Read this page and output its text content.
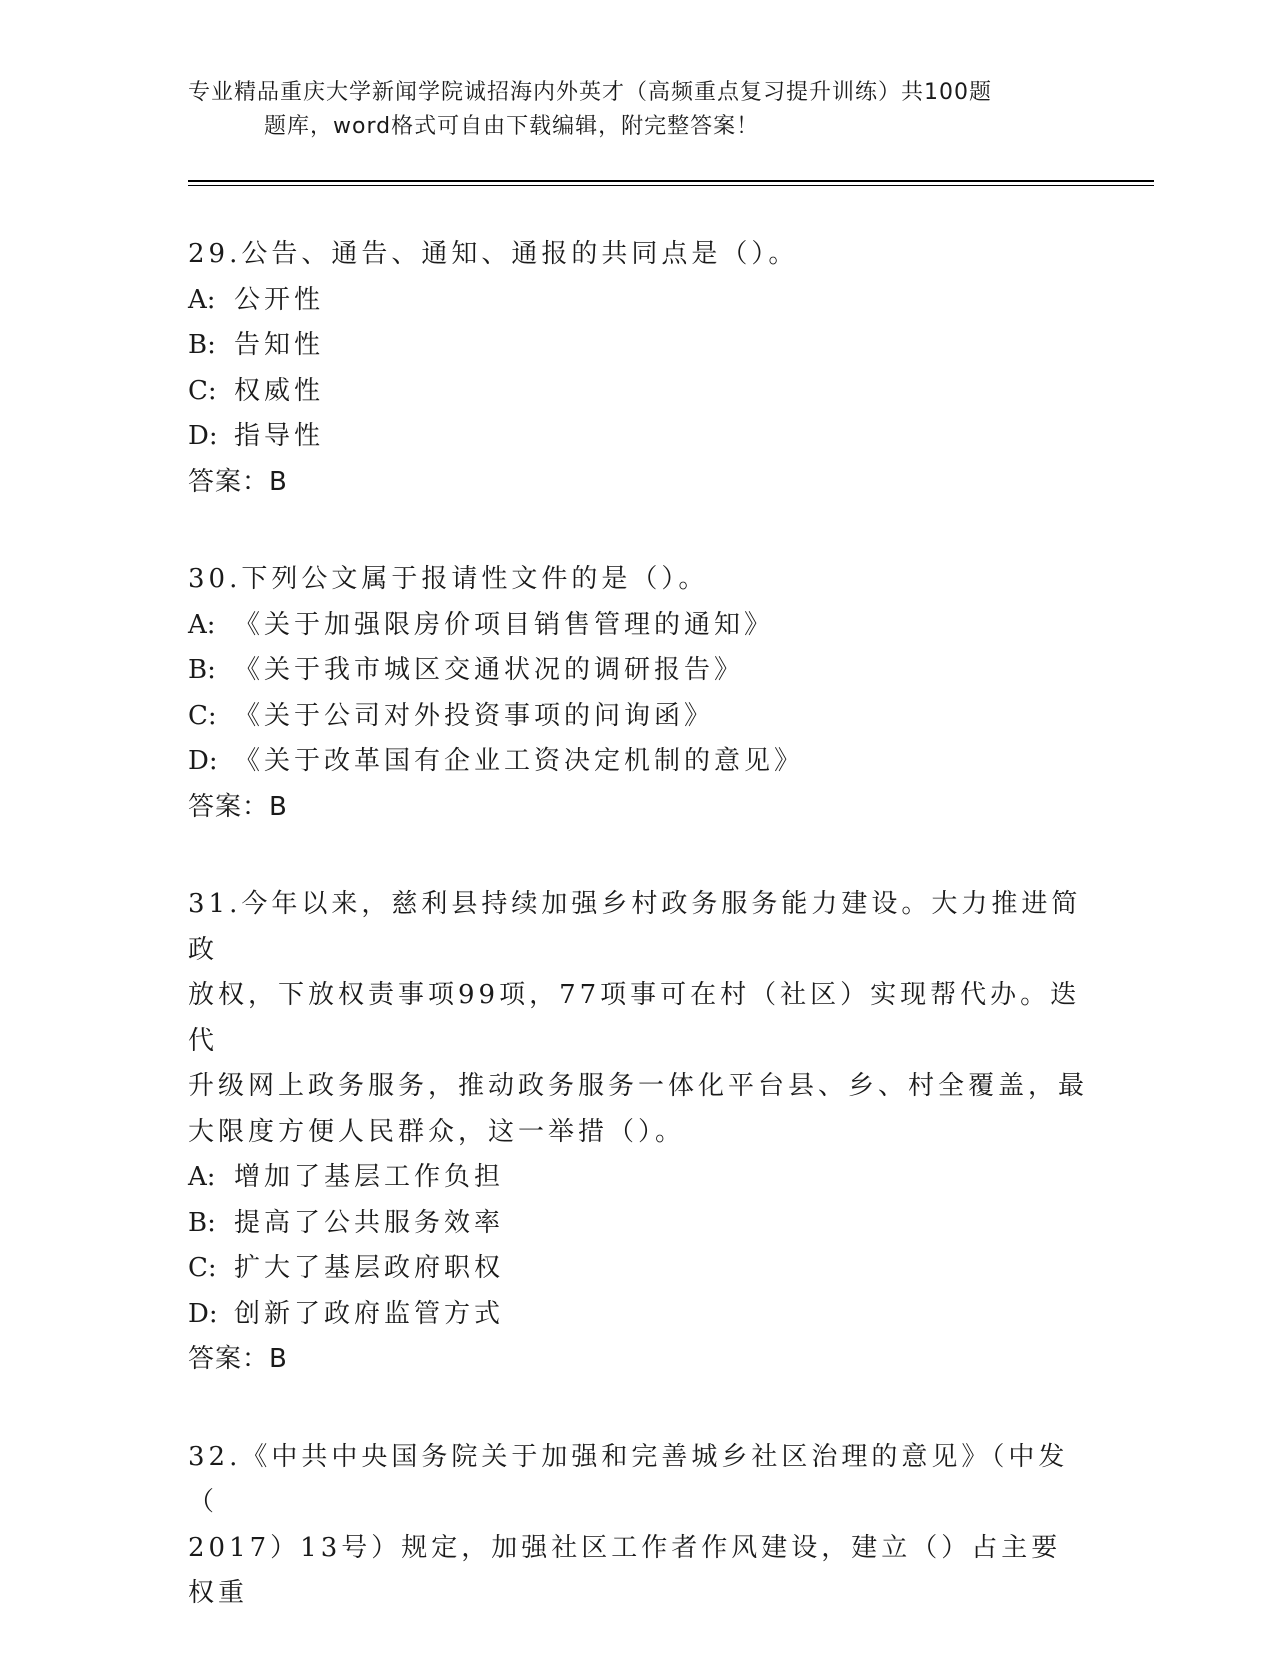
专业精品重庆大学新闻学院诚招海内外英才（高频重点复习提升训练）共100题
题库，word格式可自由下载编辑，附完整答案！

29.公告、通告、通知、通报的共同点是（）。

A: 公开性

B: 告知性

C: 权威性

D: 指导性

答案：B

30.下列公文属于报请性文件的是（）。

A: 《关于加强限房价项目销售管理的通知》

B: 《关于我市城区交通状况的调研报告》

C: 《关于公司对外投资事项的问询函》

D: 《关于改革国有企业工资决定机制的意见》

答案：B

31.今年以来，慈利县持续加强乡村政务服务能力建设。大力推进简政

放权，下放权责事项99项，77项事可在村（社区）实现帮代办。迭代

升级网上政务服务，推动政务服务一体化平台县、乡、村全覆盖，最

大限度方便人民群众，这一举措（）。

A: 增加了基层工作负担

B: 提高了公共服务效率

C: 扩大了基层政府职权

D: 创新了政府监管方式

答案：B

32.《中共中央国务院关于加强和完善城乡社区治理的意见》（中发（

2017）13号）规定，加强社区工作者作风建设，建立（）占主要权重
